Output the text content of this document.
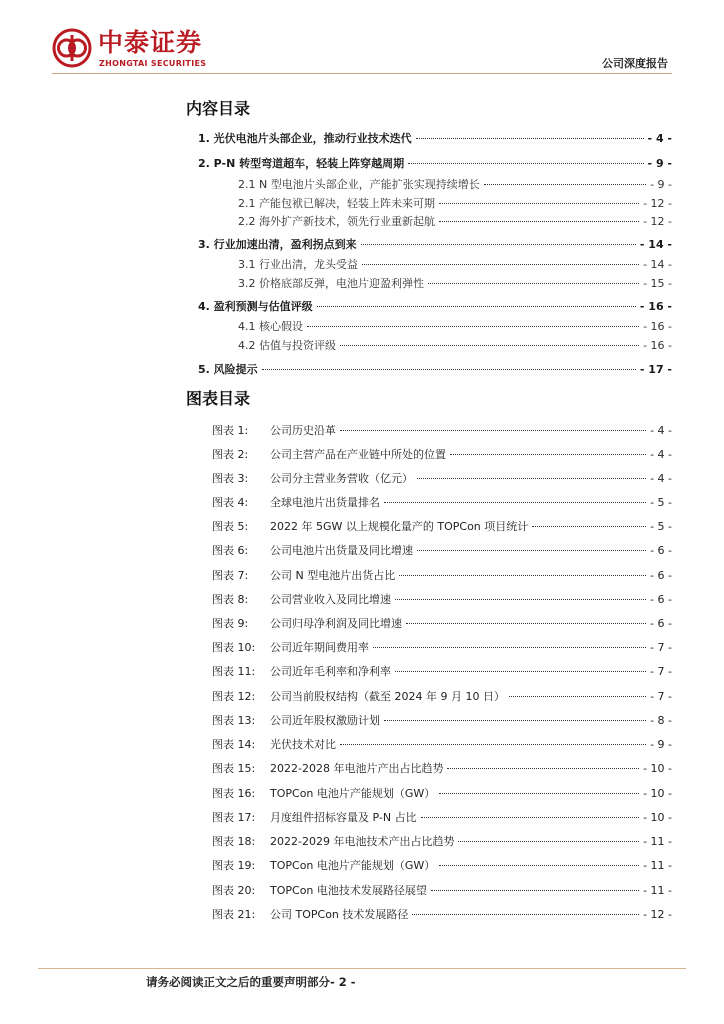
中泰证券
ZHONGTAI SECURITIES	公司深度报告
内容目录
1. 光伏电池片头部企业，推动行业技术迭代	- 4 -
2. P-N 转型弯道超车，轻装上阵穿越周期	- 9 -
2.1 N 型电池片头部企业，产能扩张实现持续增长	- 9 -
2.1 产能包袱已解决，轻装上阵未来可期	- 12 -
2.2 海外扩产新技术，领先行业重新起航	- 12 -
3. 行业加速出清，盈利拐点到来	- 14 -
3.1 行业出清，龙头受益	- 14 -
3.2 价格底部反弹，电池片迎盈利弹性	- 15 -
4. 盈利预测与估值评级	- 16 -
4.1 核心假设	- 16 -
4.2 估值与投资评级	- 16 -
5. 风险提示	- 17 -
图表目录
图表 1: 公司历史沿革	- 4 -
图表 2: 公司主营产品在产业链中所处的位置	- 4 -
图表 3: 公司分主营业务营收（亿元）	- 4 -
图表 4: 全球电池片出货量排名	- 5 -
图表 5: 2022 年 5GW 以上规模化量产的 TOPCon 项目统计	- 5 -
图表 6: 公司电池片出货量及同比增速	- 6 -
图表 7: 公司 N 型电池片出货占比	- 6 -
图表 8: 公司营业收入及同比增速	- 6 -
图表 9: 公司归母净利润及同比增速	- 6 -
图表 10: 公司近年期间费用率	- 7 -
图表 11: 公司近年毛利率和净利率	- 7 -
图表 12: 公司当前股权结构（截至 2024 年 9 月 10 日）	- 7 -
图表 13: 公司近年股权激励计划	- 8 -
图表 14: 光伏技术对比	- 9 -
图表 15: 2022-2028 年电池片产出占比趋势	- 10 -
图表 16: TOPCon 电池片产能规划（GW）	- 10 -
图表 17: 月度组件招标容量及 P-N 占比	- 10 -
图表 18: 2022-2029 年电池技术产出占比趋势	- 11 -
图表 19: TOPCon 电池片产能规划（GW）	- 11 -
图表 20: TOPCon 电池技术发展路径展望	- 11 -
图表 21: 公司 TOPCon 技术发展路径	- 12 -
请务必阅读正文之后的重要声明部分- 2 -
